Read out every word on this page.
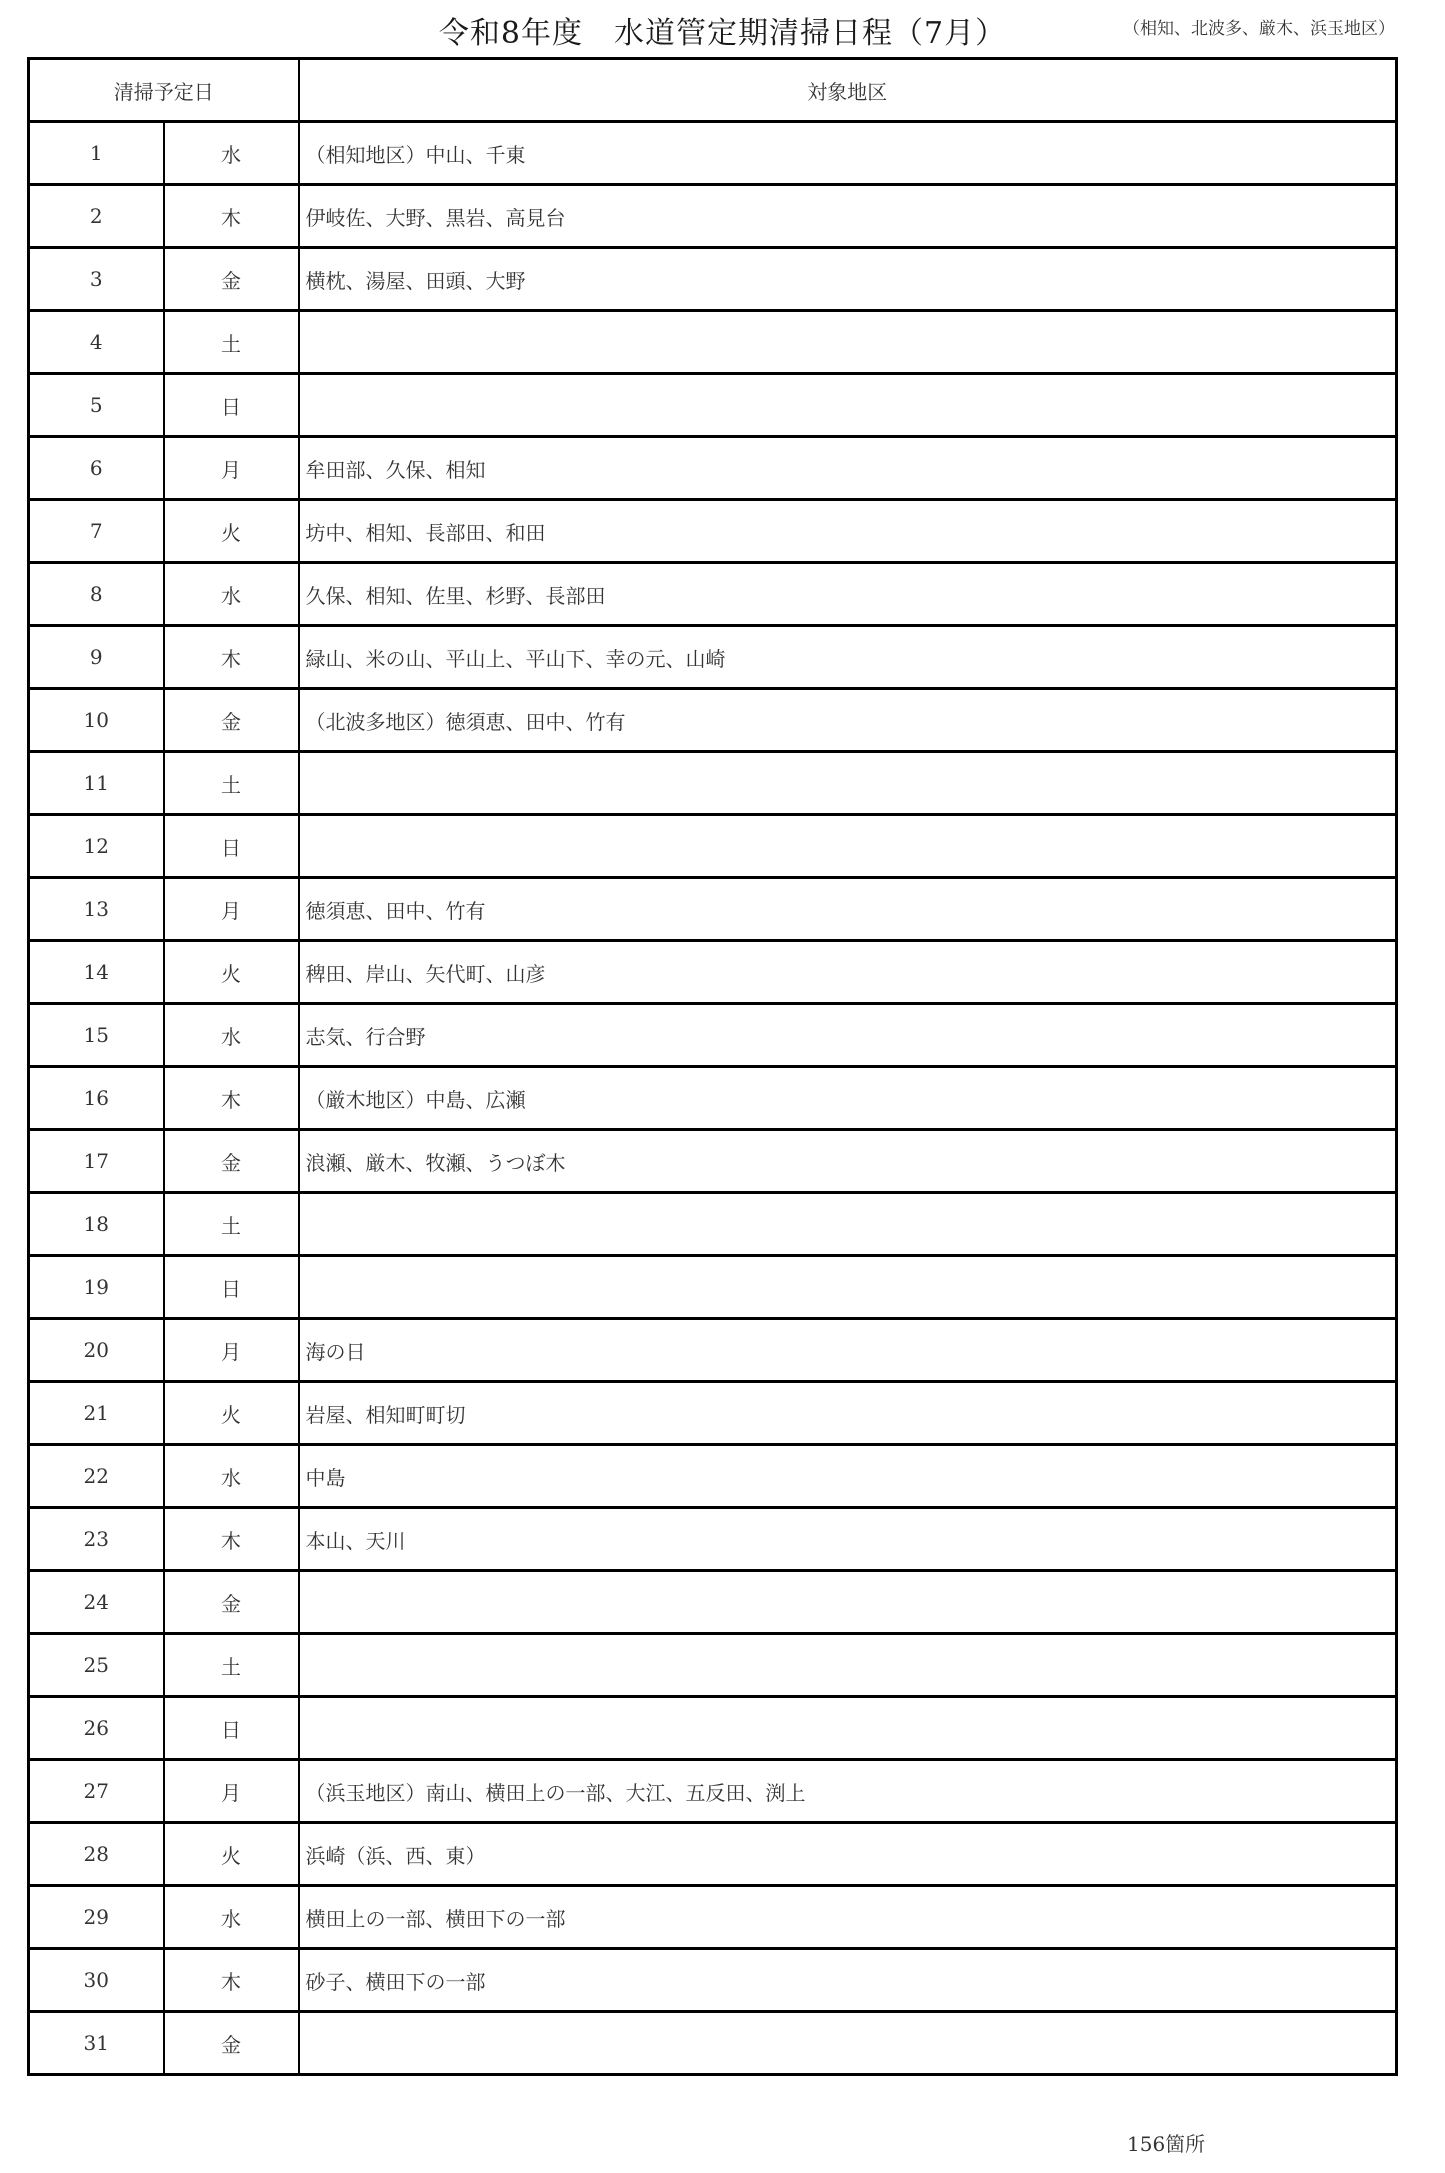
令和8年度　水道管定期清掃日程（7月）	（相知、北波多、厳木、浜玉地区）
清掃予定日		対象地区
1	水	（相知地区）中山、千東
2	木	伊岐佐、大野、黒岩、高見台
3	金	横枕、湯屋、田頭、大野
4	土	
5	日	
6	月	牟田部、久保、相知
7	火	坊中、相知、長部田、和田
8	水	久保、相知、佐里、杉野、長部田
9	木	緑山、米の山、平山上、平山下、幸の元、山崎
10	金	（北波多地区）徳須恵、田中、竹有
11	土	
12	日	
13	月	徳須恵、田中、竹有
14	火	稗田、岸山、矢代町、山彦
15	水	志気、行合野
16	木	（厳木地区）中島、広瀬
17	金	浪瀬、厳木、牧瀬、うつぼ木
18	土	
19	日	
20	月	海の日
21	火	岩屋、相知町町切
22	水	中島
23	木	本山、天川
24	金	
25	土	
26	日	
27	月	（浜玉地区）南山、横田上の一部、大江、五反田、渕上
28	火	浜崎（浜、西、東）
29	水	横田上の一部、横田下の一部
30	木	砂子、横田下の一部
31	金	
156箇所
